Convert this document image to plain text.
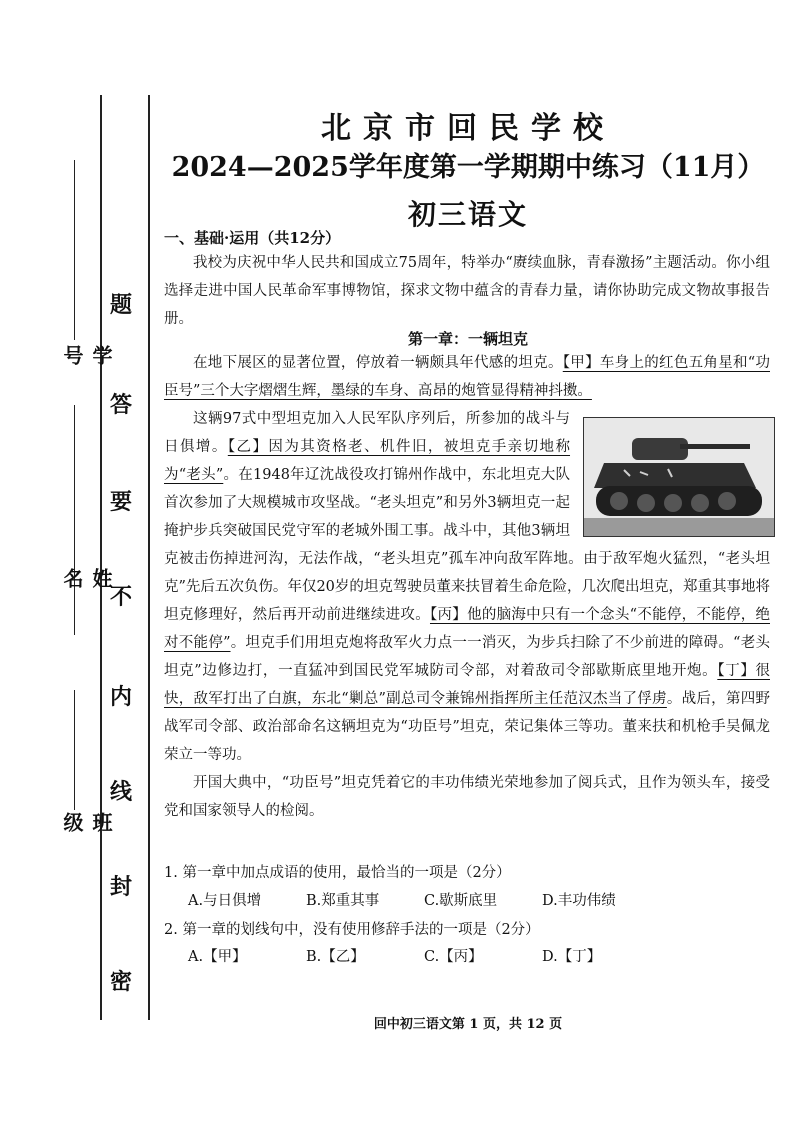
题
答
要
不
内
线
封
密
学号
姓名
班级
北京市回民学校
2024—2025学年度第一学期期中练习（11月）
初三语文
一、基础·运用（共12分）
我校为庆祝中华人民共和国成立75周年，特举办“赓续血脉，青春激扬”主题活动。你小组选择走进中国人民革命军事博物馆，探求文物中蕴含的青春力量，请你协助完成文物故事报告册。
第一章：一辆坦克
在地下展区的显著位置，停放着一辆颇具年代感的坦克。【甲】车身上的红色五角星和“功臣号”三个大字熠熠生辉，墨绿的车身、高昂的炮管显得精神抖擞。
这辆97式中型坦克加入人民军队序列后，所参加的战斗与日俱增。【乙】因为其资格老、机件旧，被坦克手亲切地称为“老头”。在1948年辽沈战役攻打锦州作战中，东北坦克大队首次参加了大规模城市攻坚战。“老头坦克”和另外3辆坦克一起掩护步兵突破国民党守军的老城外围工事。战斗中，其他3辆坦克被击伤掉进河沟，无法作战，“老头坦克”孤车冲向敌军阵地。由于敌军炮火猛烈，“老头坦克”先后五次负伤。年仅20岁的坦克驾驶员董来扶冒着生命危险，几次爬出坦克，郑重其事地将坦克修理好，然后再开动前进继续进攻。【丙】他的脑海中只有一个念头“不能停，不能停，绝对不能停”。坦克手们用坦克炮将敌军火力点一一消灭，为步兵扫除了不少前进的障碍。“老头坦克”边修边打，一直猛冲到国民党军城防司令部，对着敌司令部歇斯底里地开炮。【丁】很快，敌军打出了白旗，东北“剿总”副总司令兼锦州指挥所主任范汉杰当了俘虏。战后，第四野战军司令部、政治部命名这辆坦克为“功臣号”坦克，荣记集体三等功。董来扶和机枪手吴佩龙荣立一等功。
开国大典中，“功臣号”坦克凭着它的丰功伟绩光荣地参加了阅兵式，且作为领头车，接受党和国家领导人的检阅。
1. 第一章中加点成语的使用，最恰当的一项是（2分）
A.与日俱增	B.郑重其事	C.歇斯底里	D.丰功伟绩
2. 第一章的划线句中，没有使用修辞手法的一项是（2分）
A.【甲】	B.【乙】	C.【丙】	D.【丁】
回中初三语文第 1 页，共 12 页
